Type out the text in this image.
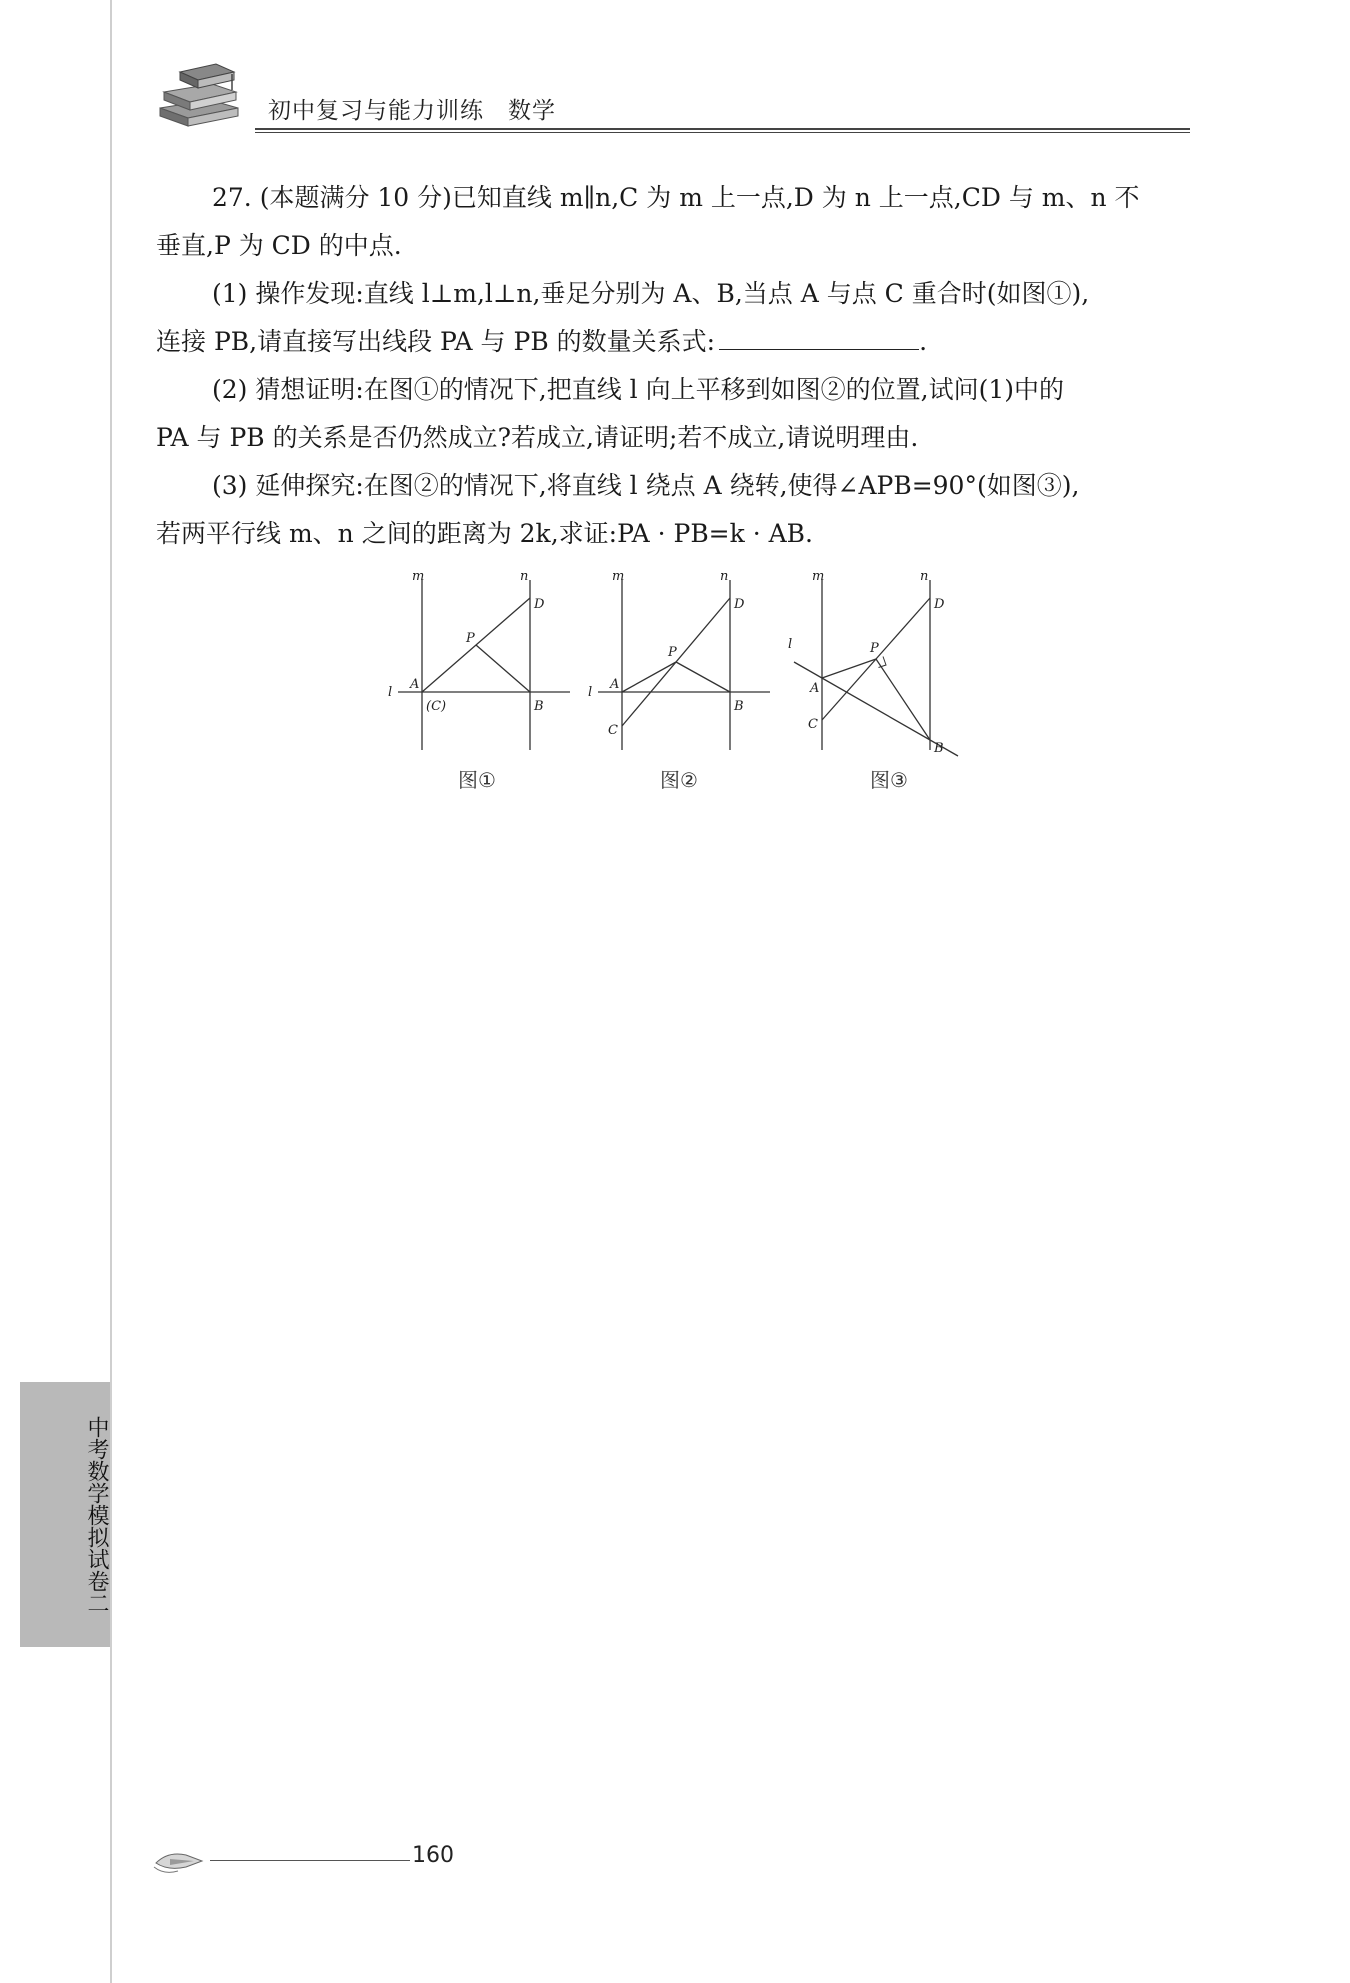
初中复习与能力训练 数学

27. (本题满分 10 分)已知直线 m∥n,C 为 m 上一点,D 为 n 上一点,CD 与 m、n 不

垂直,P 为 CD 的中点.

(1) 操作发现:直线 l⊥m,l⊥n,垂足分别为 A、B,当点 A 与点 C 重合时(如图①),

连接 PB,请直接写出线段 PA 与 PB 的数量关系式:	.

(2) 猜想证明:在图①的情况下,把直线 l 向上平移到如图②的位置,试问(1)中的

PA 与 PB 的关系是否仍然成立?若成立,请证明;若不成立,请说明理由.

(3) 延伸探究:在图②的情况下,将直线 l 绕点 A 绕转,使得∠APB=90°(如图③),

若两平行线 m、n 之间的距离为 2k,求证:PA · PB=k · AB.

m	n
l
A
(C)	B
P
D
图①
m	n
l
A
C
B
P
D
图②
m	n
l
A
C
B
P
D
图③
中考数学模拟试卷二
160
